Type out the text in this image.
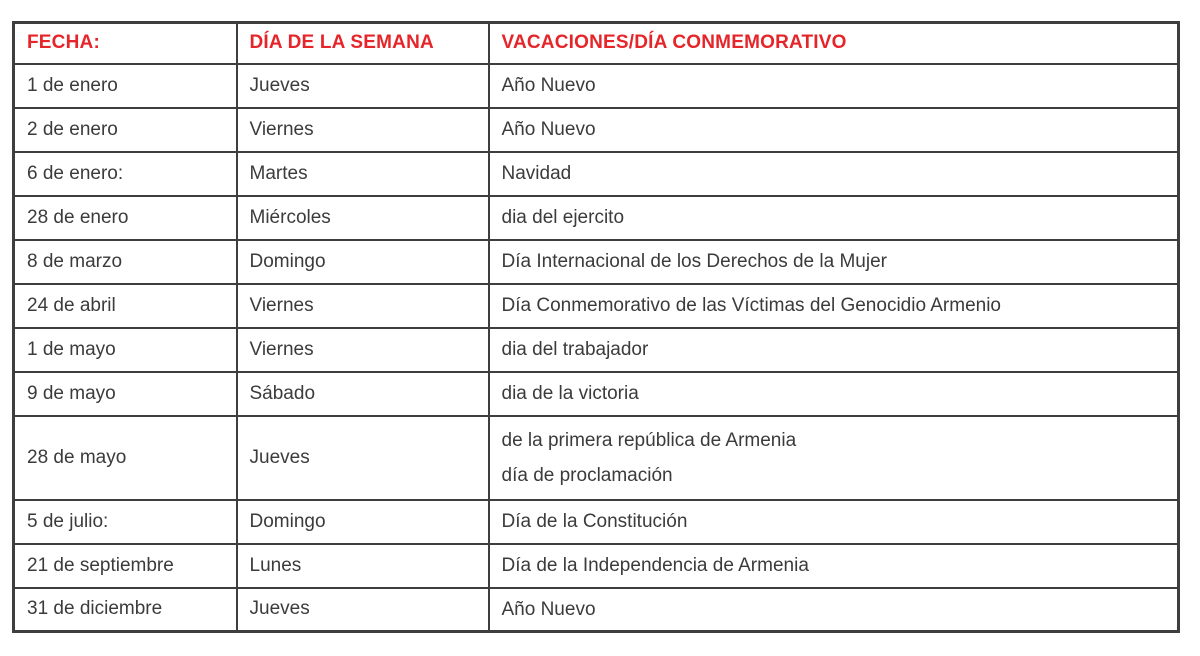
FECHA:	DÍA DE LA SEMANA	VACACIONES/DÍA CONMEMORATIVO
1 de enero	Jueves	Año Nuevo

2 de enero	Viernes	Año Nuevo

6 de enero:	Martes	Navidad

28 de enero	Miércoles	dia del ejercito

8 de marzo	Domingo	Día Internacional de los Derechos de la Mujer

24 de abril	Viernes	Día Conmemorativo de las Víctimas del Genocidio Armenio

1 de mayo	Viernes	dia del trabajador

9 de mayo	Sábado	dia de la victoria

28 de mayo	Jueves	de la primera república de Armenia
día de proclamación

5 de julio:	Domingo	Día de la Constitución

21 de septiembre	Lunes	Día de la Independencia de Armenia

31 de diciembre	Jueves	Año Nuevo
